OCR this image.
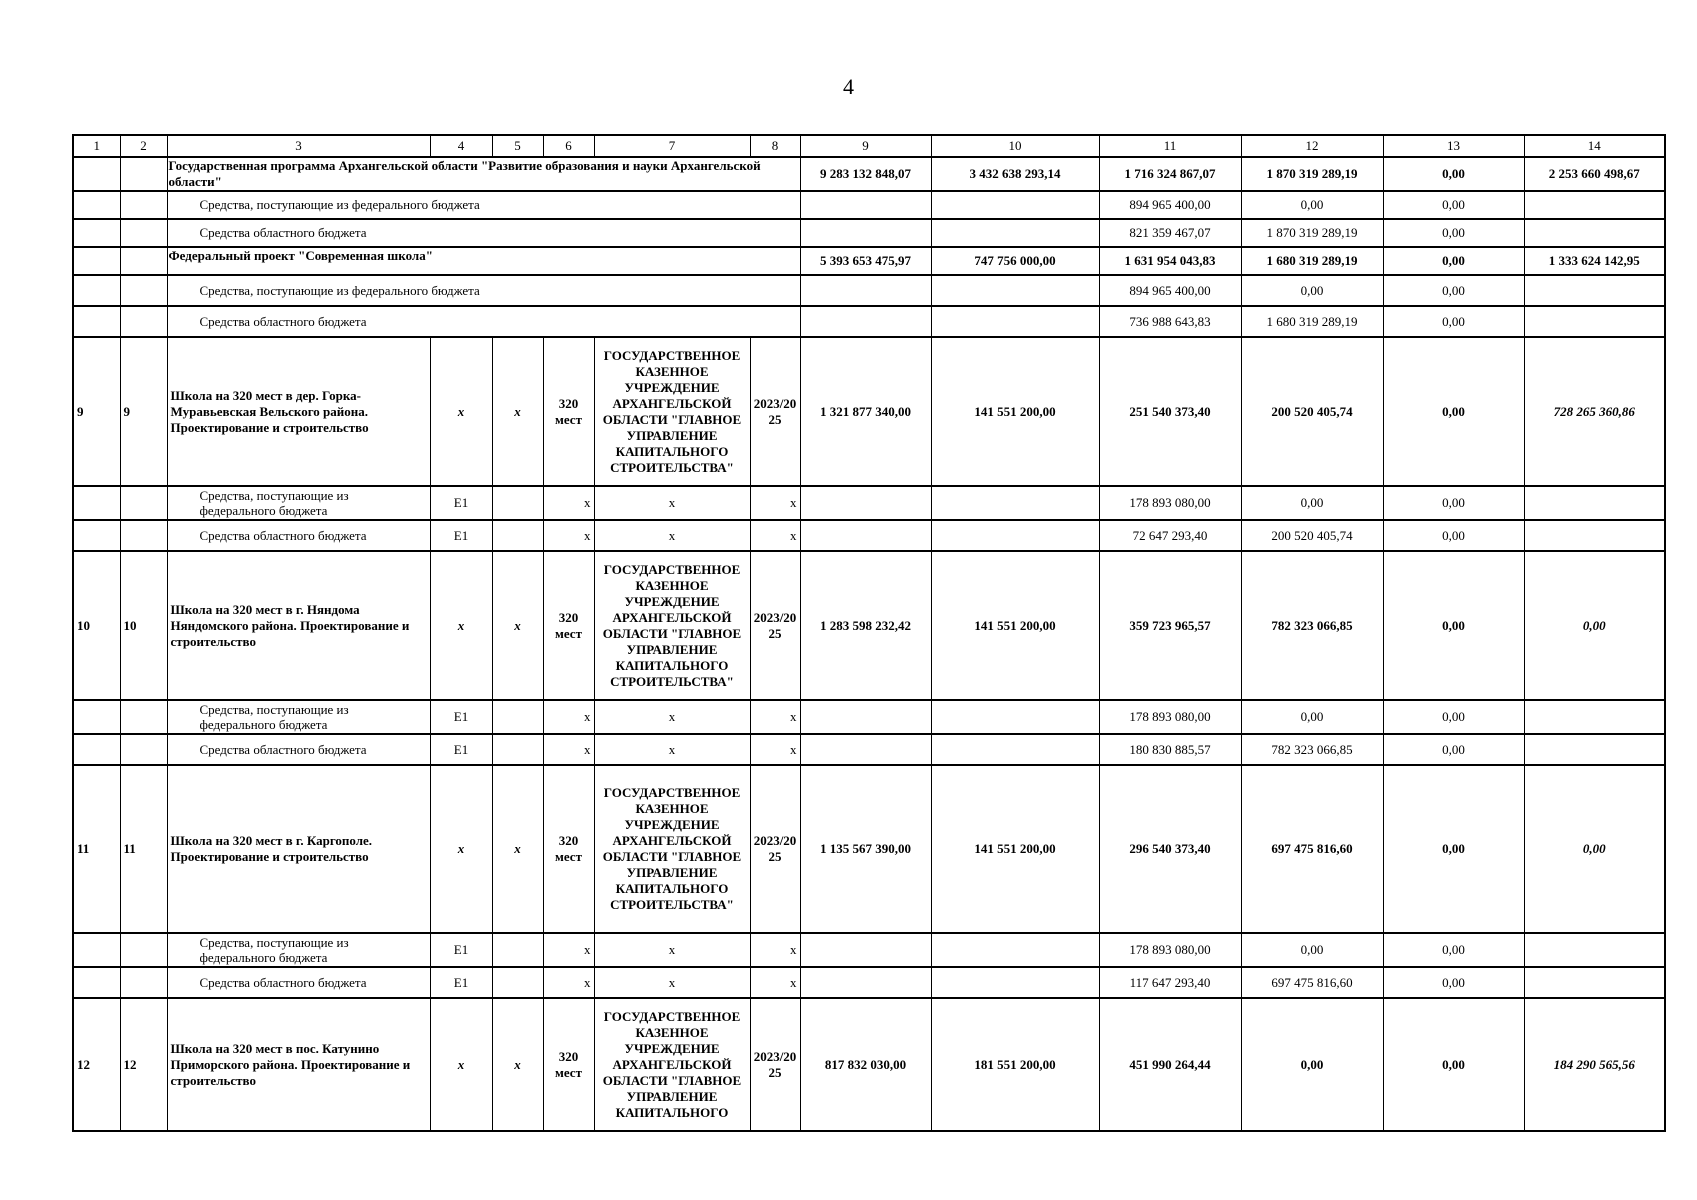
4
1	2	3	4	5	6	7	8	9	10	11	12	13	14
		Государственная программа Архангельской области "Развитие образования и науки Архангельской области"						9 283 132 848,07	3 432 638 293,14	1 716 324 867,07	1 870 319 289,19	0,00	2 253 660 498,67
		Средства, поступающие из федерального бюджета								894 965 400,00	0,00	0,00	
		Средства областного бюджета								821 359 467,07	1 870 319 289,19	0,00	
		Федеральный проект "Современная школа"						5 393 653 475,97	747 756 000,00	1 631 954 043,83	1 680 319 289,19	0,00	1 333 624 142,95
		Средства, поступающие из федерального бюджета								894 965 400,00	0,00	0,00	
		Средства областного бюджета								736 988 643,83	1 680 319 289,19	0,00	
9	9	Школа на 320 мест в дер. Горка-Муравьевская Вельского района. Проектирование и строительство	x	x	320 мест	ГОСУДАРСТВЕННОЕ КАЗЕННОЕ УЧРЕЖДЕНИЕ АРХАНГЕЛЬСКОЙ ОБЛАСТИ "ГЛАВНОЕ УПРАВЛЕНИЕ КАПИТАЛЬНОГО СТРОИТЕЛЬСТВА"	2023/2025	1 321 877 340,00	141 551 200,00	251 540 373,40	200 520 405,74	0,00	728 265 360,86
		Средства, поступающие из федерального бюджета	E1		x	x	x			178 893 080,00	0,00	0,00	
		Средства областного бюджета	E1		x	x	x			72 647 293,40	200 520 405,74	0,00	
10	10	Школа на 320 мест в г. Няндома Няндомского района. Проектирование и строительство	x	x	320 мест	ГОСУДАРСТВЕННОЕ КАЗЕННОЕ УЧРЕЖДЕНИЕ АРХАНГЕЛЬСКОЙ ОБЛАСТИ "ГЛАВНОЕ УПРАВЛЕНИЕ КАПИТАЛЬНОГО СТРОИТЕЛЬСТВА"	2023/2025	1 283 598 232,42	141 551 200,00	359 723 965,57	782 323 066,85	0,00	0,00
		Средства, поступающие из федерального бюджета	E1		x	x	x			178 893 080,00	0,00	0,00	
		Средства областного бюджета	E1		x	x	x			180 830 885,57	782 323 066,85	0,00	
11	11	Школа на 320 мест в г. Каргополе. Проектирование и строительство	x	x	320 мест	ГОСУДАРСТВЕННОЕ КАЗЕННОЕ УЧРЕЖДЕНИЕ АРХАНГЕЛЬСКОЙ ОБЛАСТИ "ГЛАВНОЕ УПРАВЛЕНИЕ КАПИТАЛЬНОГО СТРОИТЕЛЬСТВА"	2023/2025	1 135 567 390,00	141 551 200,00	296 540 373,40	697 475 816,60	0,00	0,00
		Средства, поступающие из федерального бюджета	E1		x	x	x			178 893 080,00	0,00	0,00	
		Средства областного бюджета	E1		x	x	x			117 647 293,40	697 475 816,60	0,00	
12	12	Школа на 320 мест в пос. Катунино Приморского района. Проектирование и строительство	x	x	320 мест	ГОСУДАРСТВЕННОЕ КАЗЕННОЕ УЧРЕЖДЕНИЕ АРХАНГЕЛЬСКОЙ ОБЛАСТИ "ГЛАВНОЕ УПРАВЛЕНИЕ КАПИТАЛЬНОГО	2023/2025	817 832 030,00	181 551 200,00	451 990 264,44	0,00	0,00	184 290 565,56
